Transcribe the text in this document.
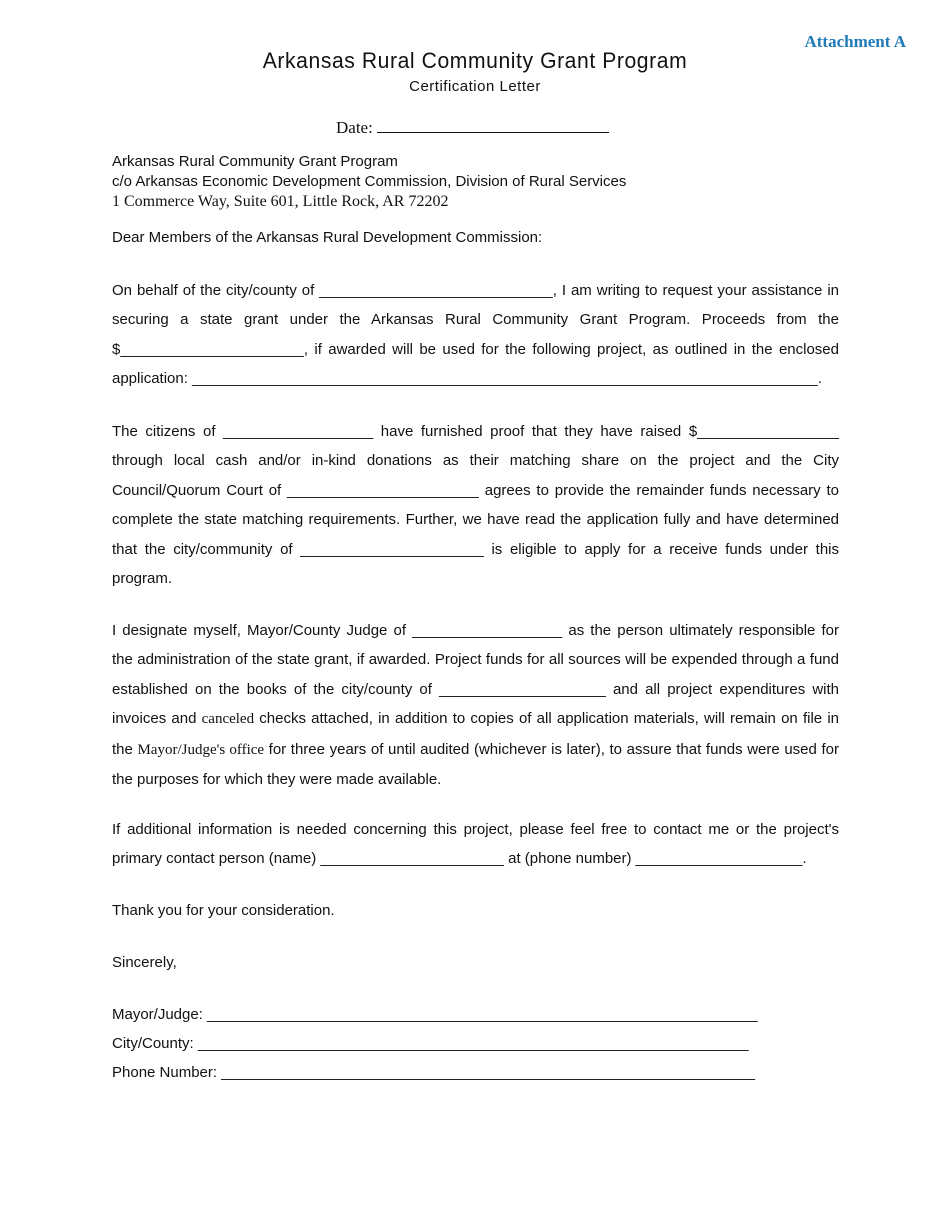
Attachment A
Arkansas Rural Community Grant Program
Certification Letter
Date:
Arkansas Rural Community Grant Program
c/o Arkansas Economic Development Commission, Division of Rural Services
1 Commerce Way, Suite 601, Little Rock, AR 72202
Dear Members of the Arkansas Rural Development Commission:
On behalf of the city/county of ____________________________, I am writing to request your assistance in securing a state grant under the Arkansas Rural Community Grant Program. Proceeds from the $______________________, if awarded will be used for the following project, as outlined in the enclosed application: ___________________________________________________________________________.
The citizens of __________________ have furnished proof that they have raised $_________________ through local cash and/or in-kind donations as their matching share on the project and the City Council/Quorum Court of _______________________ agrees to provide the remainder funds necessary to complete the state matching requirements. Further, we have read the application fully and have determined that the city/community of ______________________ is eligible to apply for a receive funds under this program.
I designate myself, Mayor/County Judge of __________________ as the person ultimately responsible for the administration of the state grant, if awarded. Project funds for all sources will be expended through a fund established on the books of the city/county of ____________________ and all project expenditures with invoices and canceled checks attached, in addition to copies of all application materials, will remain on file in the Mayor/Judge's office for three years of until audited (whichever is later), to assure that funds were used for the purposes for which they were made available.
If additional information is needed concerning this project, please feel free to contact me or the project's primary contact person (name) ______________________ at (phone number) ____________________.
Thank you for your consideration.
Sincerely,
Mayor/Judge: __________________________________________________________________
City/County: __________________________________________________________________
Phone Number: ________________________________________________________________
